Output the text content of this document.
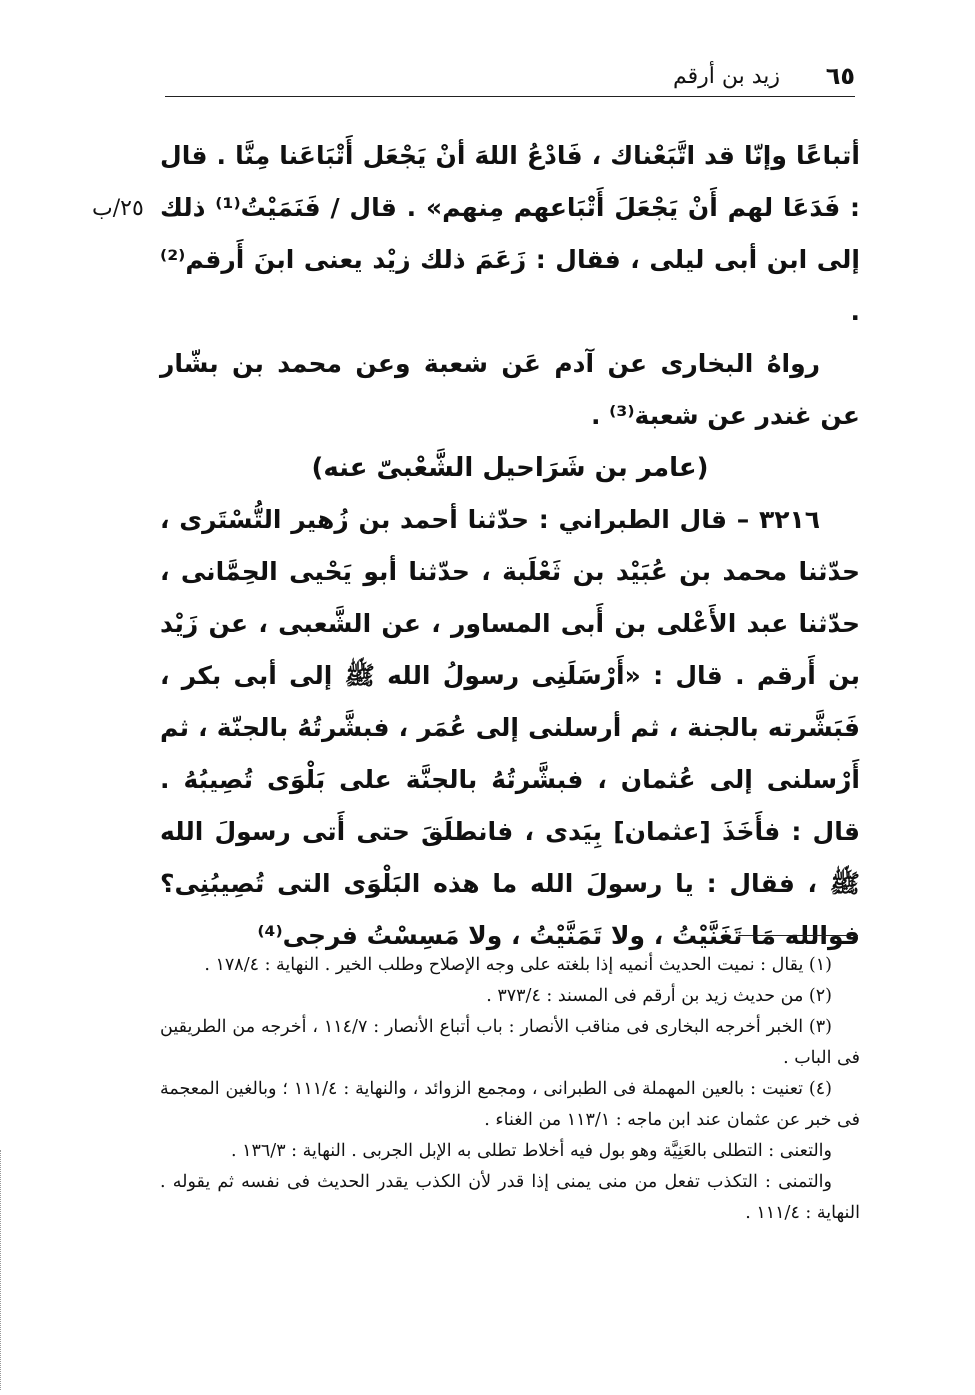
٦٥
زيد بن أرقم
٢٥/ب

أتباعًا وإنّا قد اتَّبَعْناك ، فَادْعُ اللهَ أنْ يَجْعَل أَتْبَاعَنا مِنَّا . قال : فَدَعَا لهم أَنْ يَجْعَلَ أَتْبَاعهم مِنهم» . قال / فَنَمَيْتُ⁽¹⁾ ذلك إلى ابن أبى ليلى ، فقال : زَعَمَ ذلك زيْد يعنى ابنَ أَرقم⁽²⁾ .

رواهُ البخارى عن آدم عَن شعبة وعن محمد بن بشّار عن غندر عن شعبة⁽³⁾ .

(عامر بن شَرَاحيل الشَّعْبىّ عنه)

٣٢١٦ – قال الطبراني : حدّثنا أحمد بن زُهير التُّسْتَرى ، حدّثنا محمد بن عُبَيْد بن ثَعْلَبة ، حدّثنا أبو يَحْيى الحِمَّانى ، حدّثنا عبد الأَعْلى بن أَبى المساور ، عن الشَّعبى ، عن زَيْد بن أَرقم . قال : «أَرْسَلَنِى رسولُ الله ﷺ إلى أبى بكر ، فَبَشَّرته بالجنة ، ثم أرسلنى إلى عُمَر ، فبشَّرتُهُ بالجنّة ، ثم أَرْسلنى إلى عُثمان ، فبشَّرتُهُ بالجنَّة على بَلْوَى تُصِيبُهُ . قال : فأَخَذَ [عثمان] بِيَدى ، فانطلَقَ حتى أَتى رسولَ الله ﷺ ، فقال : يا رسولَ الله ما هذه البَلْوَى التى تُصِيبُنِى؟ فوالله مَا تَغَنَّيْتُ ، ولا تَمَنَّيْتُ ، ولا مَسِسْتُ فرجى⁽⁴⁾

(١) يقال : نميت الحديث أنميه إذا بلغته على وجه الإصلاح وطلب الخير . النهاية : ١٧٨/٤ .

(٢) من حديث زيد بن أرقم فى المسند : ٣٧٣/٤ .

(٣) الخبر أخرجه البخارى فى مناقب الأنصار : باب أتباع الأنصار : ١١٤/٧ ، أخرجه من الطريقين فى الباب .

(٤) تعنيت : بالعين المهملة فى الطبرانى ، ومجمع الزوائد ، والنهاية : ١١١/٤ ؛ وبالغين المعجمة فى خبر عن عثمان عند ابن ماجه : ١١٣/١ من الغناء .

والتعنى : التطلى بالعَنِيَّة وهو بول فيه أخلاط تطلى به الإبل الجربى . النهاية : ١٣٦/٣ .

والتمنى : التكذب تفعل من منى يمنى إذا قدر لأن الكذب يقدر الحديث فى نفسه ثم يقوله . النهاية : ١١١/٤ .
